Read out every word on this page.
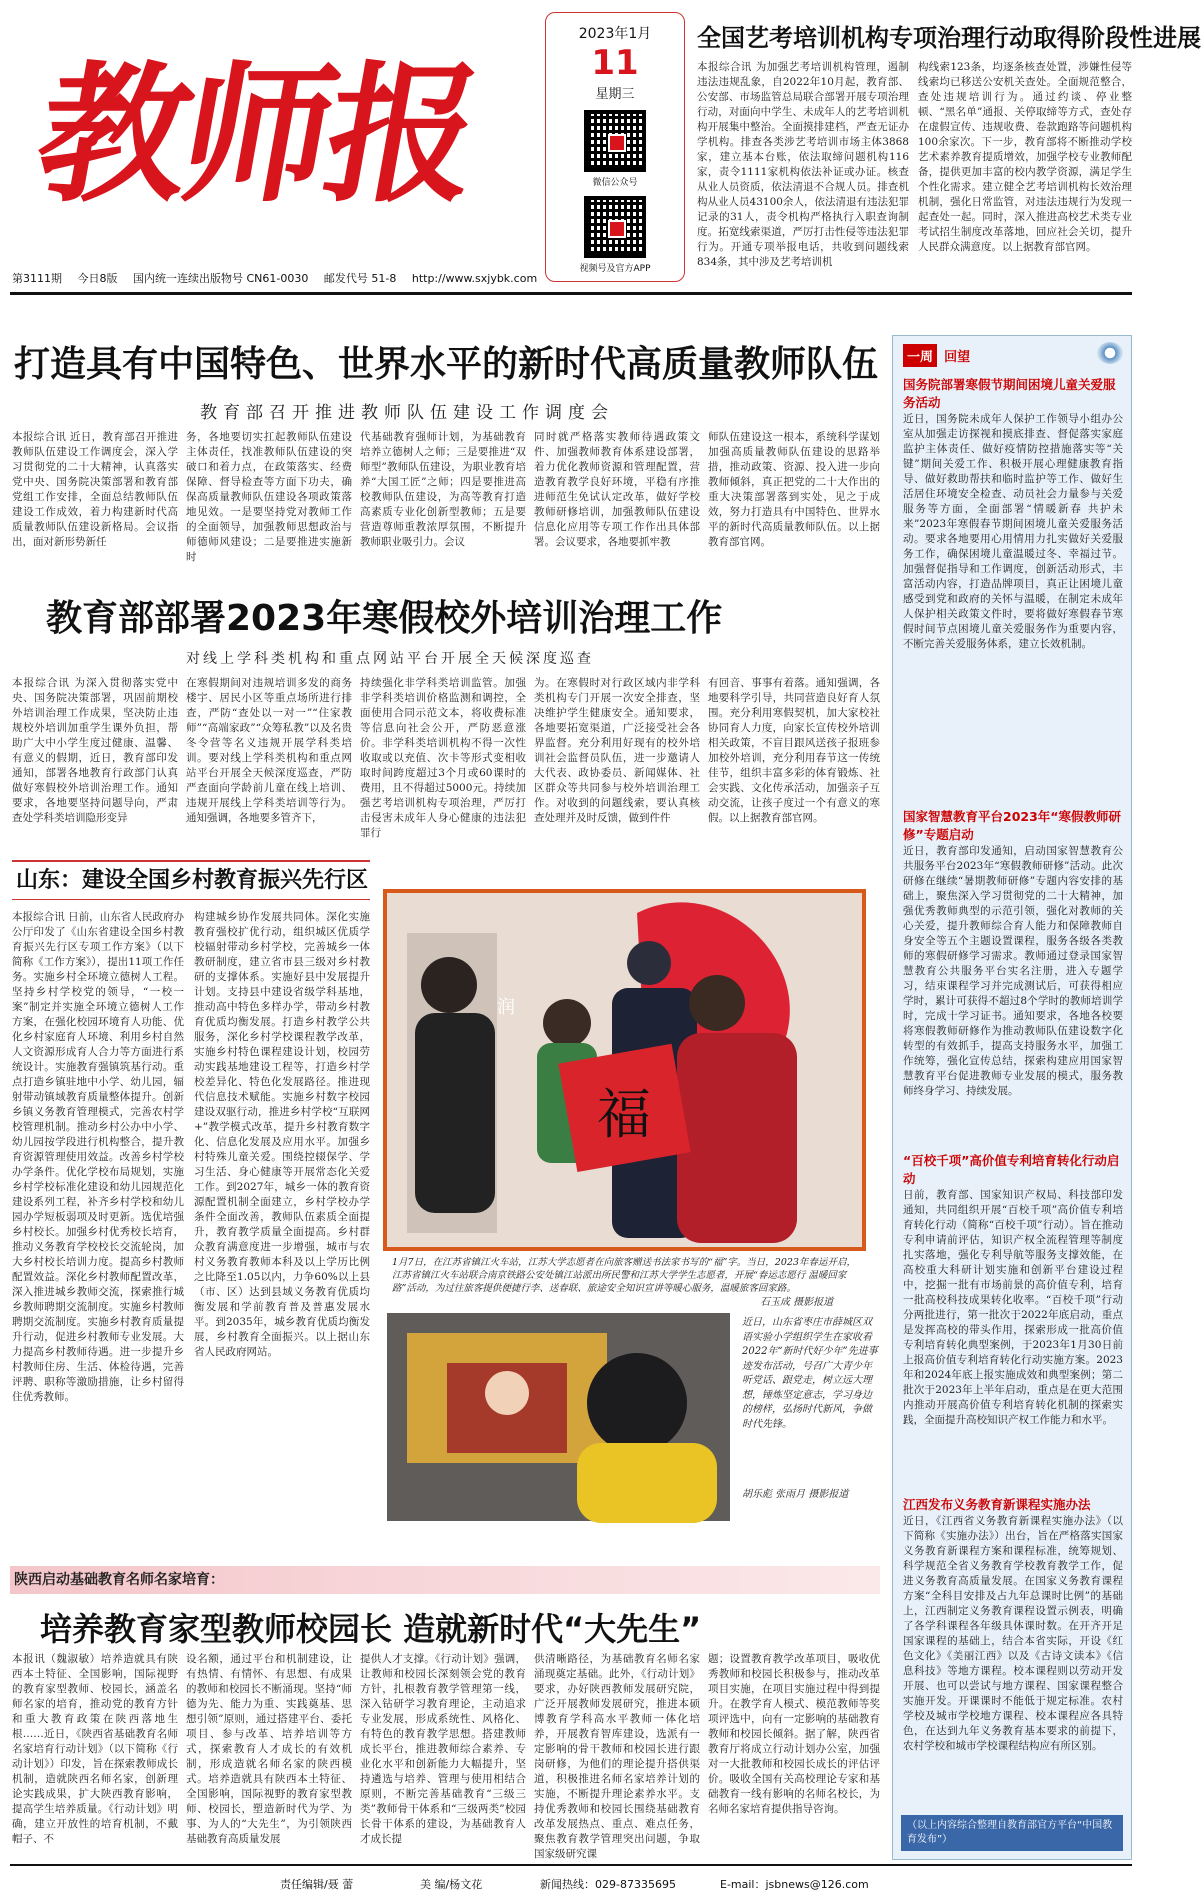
教师报
2023年1月
11
星期三
微信公众号
视频号及官方APP
第3111期 今日8版 国内统一连续出版物号 CN61-0030 邮发代号 51-8 http://www.sxjybk.com
全国艺考培训机构专项治理行动取得阶段性进展
本报综合讯 为加强艺考培训机构管理，遏制违法违规乱象，自2022年10月起，教育部、公安部、市场监管总局联合部署开展专项治理行动，对面向中学生、未成年人的艺考培训机构开展集中整治。全面摸排建档，严查无证办学机构。排查各类涉艺考培训市场主体3868家，建立基本台账，依法取缔问题机构116家，责令1111家机构依法补证或办证。核查从业人员资质，依法清退不合规人员。排查机构从业人员43100余人，依法清退有违法犯罪记录的31人，责令机构严格执行入职查询制度。拓宽线索渠道，严厉打击性侵等违法犯罪行为。开通专项举报电话，共收到问题线索834条，其中涉及艺考培训机
构线索123条，均逐条核查处置，涉嫌性侵等线索均已移送公安机关查处。全面规范整合，查处违规培训行为。通过约谈、停业整顿、“黑名单”通报、关停取缔等方式，查处存在虚假宣传、违规收费、卷款跑路等问题机构100余家次。下一步，教育部将不断推动学校艺术素养教育提质增效，加强学校专业教师配备，提供更加丰富的校内教学资源，满足学生个性化需求。建立健全艺考培训机构长效治理机制，强化日常监管，对违法违规行为发现一起查处一起。同时，深入推进高校艺术类专业考试招生制度改革落地，回应社会关切，提升人民群众满意度。以上据教育部官网。
打造具有中国特色、世界水平的新时代高质量教师队伍
教育部召开推进教师队伍建设工作调度会
本报综合讯 近日，教育部召开推进教师队伍建设工作调度会，深入学习贯彻党的二十大精神，认真落实党中央、国务院决策部署和教育部党组工作安排，全面总结教师队伍建设工作成效，着力构建新时代高质量教师队伍建设新格局。会议指出，面对新形势新任
务，各地要切实扛起教师队伍建设主体责任，找准教师队伍建设的突破口和着力点，在政策落实、经费保障、督导检查等方面下功夫，确保高质量教师队伍建设各项政策落地见效。一是要坚持党对教师工作的全面领导，加强教师思想政治与师德师风建设；二是要推进实施新时
代基础教育强师计划，为基础教育培养立德树人之师；三是要推进“双师型”教师队伍建设，为职业教育培养“大国工匠”之师；四是要推进高校教师队伍建设，为高等教育打造高素质专业化创新型教师；五是要营造尊师重教浓厚氛围，不断提升教师职业吸引力。会议
同时就严格落实教师待遇政策文件、加强教师教育体系建设部署，着力优化教师资源和管理配置，营造教育教学良好环境，平稳有序推进师范生免试认定改革，做好学校教师研修培训，加强教师队伍建设信息化应用等专项工作作出具体部署。会议要求，各地要抓牢教
师队伍建设这一根本，系统科学谋划加强高质量教师队伍建设的思路举措，推动政策、资源、投入进一步向教师倾斜，真正把党的二十大作出的重大决策部署落到实处，见之于成效，努力打造具有中国特色、世界水平的新时代高质量教师队伍。以上据教育部官网。
教育部部署2023年寒假校外培训治理工作
对线上学科类机构和重点网站平台开展全天候深度巡查
本报综合讯 为深入贯彻落实党中央、国务院决策部署，巩固前期校外培训治理工作成果，坚决防止违规校外培训加重学生课外负担，帮助广大中小学生度过健康、温馨、有意义的假期，近日，教育部印发通知，部署各地教育行政部门认真做好寒假校外培训治理工作。通知要求，各地要坚持问题导向，严肃查处学科类培训隐形变异
在寒假期间对违规培训多发的商务楼宇、居民小区等重点场所进行排查，严防“查处以一对一”“住家教师”“高端家政”“众筹私教”以及名贵冬令营等名义违规开展学科类培训。要对线上学科类机构和重点网站平台开展全天候深度巡查，严防严查面向学龄前儿童在线上培训、违规开展线上学科类培训等行为。通知强调，各地要多管齐下，
持续强化非学科类培训监管。加强非学科类培训价格监测和调控，全面使用合同示范文本，将收费标准等信息向社会公开，严防恶意涨价。非学科类培训机构不得一次性收取或以充值、次卡等形式变相收取时间跨度超过3个月或60课时的费用，且不得超过5000元。持续加强艺考培训机构专项治理，严厉打击侵害未成年人身心健康的违法犯罪行
为。在寒假时对行政区域内非学科类机构专门开展一次安全排查，坚决维护学生健康安全。通知要求，各地要拓宽渠道，广泛接受社会各界监督。充分利用好现有的校外培训社会监督员队伍，进一步邀请人大代表、政协委员、新闻媒体、社区群众等共同参与校外培训治理工作。对收到的问题线索，要认真核查处理并及时反馈，做到件件
有回音、事事有着落。通知强调，各地要科学引导，共同营造良好育人氛围。充分利用寒假契机，加大家校社协同育人力度，向家长宣传校外培训相关政策，不盲目跟风送孩子报班参加校外培训，充分利用春节这一传统佳节，组织丰富多彩的体育锻炼、社会实践、文化传承活动，加强亲子互动交流，让孩子度过一个有意义的寒假。以上据教育部官网。
山东：建设全国乡村教育振兴先行区
本报综合讯 日前，山东省人民政府办公厅印发了《山东省建设全国乡村教育振兴先行区专项工作方案》（以下简称《工作方案》），提出11项工作任务。实施乡村全环境立德树人工程。坚持乡村学校党的领导，“一校一案”制定并实施全环境立德树人工作方案，在强化校园环境育人功能、优化乡村家庭育人环境、利用乡村自然人文资源形成育人合力等方面进行系统设计。实施教育强镇筑基行动。重点打造乡镇驻地中小学、幼儿园，辐射带动镇域教育质量整体提升。创新乡镇义务教育管理模式，完善农村学校管理机制。推动乡村公办中小学、幼儿园按学段进行机构整合，提升教育资源管理使用效益。改善乡村学校办学条件。优化学校布局规划，实施乡村学校标准化建设和幼儿园规范化建设系列工程，补齐乡村学校和幼儿园办学短板弱项及时更新。选优培强乡村校长。加强乡村优秀校长培育，推动义务教育学校校长交流轮岗，加大乡村校长培训力度。提高乡村教师配置效益。深化乡村教师配置改革，深入推进城乡教师交流，探索推行城乡教师聘期交流制度。实施乡村教师聘期交流制度。实施乡村教育质量提升行动，促进乡村教师专业发展。大力提高乡村教师待遇。进一步提升乡村教师住房、生活、体检待遇，完善评聘、职称等激励措施，让乡村留得住优秀教师。
构建城乡协作发展共同体。深化实施教育强校扩优行动，组织城区优质学校辐射带动乡村学校，完善城乡一体教研制度，建立省市县三级对乡村教研的支撑体系。实施好县中发展提升计划。支持县中建设省级学科基地，推动高中特色多样办学，带动乡村教育优质均衡发展。打造乡村教学公共服务，深化乡村学校课程教学改革，实施乡村特色课程建设计划，校园劳动实践基地建设工程等，打造乡村学校差异化、特色化发展路径。推进现代信息技术赋能。实施乡村数字校园建设双驱行动，推进乡村学校“互联网+”教学模式改革，提升乡村教育数字化、信息化发展及应用水平。加强乡村特殊儿童关爱。围绕控辍保学、学习生活、身心健康等开展常态化关爱工作。到2027年，城乡一体的教育资源配置机制全面建立，乡村学校办学条件全面改善，教师队伍素质全面提升，教育教学质量全面提高。乡村群众教育满意度进一步增强，城市与农村义务教育教师本科及以上学历比例之比降至1.05以内，力争60%以上县（市、区）达到县域义务教育优质均衡发展和学前教育普及普惠发展水平。到2035年，城乡教育优质均衡发展，乡村教育全面振兴。以上据山东省人民政府网站。
福
润
1月7日，在江苏省镇江火车站，江苏大学志愿者在向旅客赠送书法家书写的“福”字。当日，2023年春运开启，江苏省镇江火车站联合南京铁路公安处镇江站派出所民警和江苏大学学生志愿者，开展“春运志愿行 温暖回家路”活动，为过往旅客提供便捷行李、送春联、旅途安全知识宣讲等暖心服务，温暖旅客回家路。
石玉成 摄影报道
近日，山东省枣庄市薛城区双语实验小学组织学生在家收看2022年“新时代好少年”先进事迹发布活动，号召广大青少年听党话、跟党走，树立远大理想，锤炼坚定意志，学习身边的榜样，弘扬时代新风，争做时代先锋。
胡乐彪 张雨月 摄影报道
陕西启动基础教育名师名家培育：
培养教育家型教师校园长 造就新时代“大先生”
本报讯（魏淑敏）培养造就具有陕西本土特征、全国影响，国际视野的教育家型教师、校园长，涵盖名师名家的培育，推动党的教育方针和重大教育政策在陕西落地生根……近日，《陕西省基础教育名师名家培育行动计划》（以下简称《行动计划》）印发，旨在探索教师成长机制，造就陕西名师名家，创新理论实践成果，扩大陕西教育影响，提高学生培养质量。《行动计划》明确，建立开放性的培育机制，不戴帽子、不
设名额，通过平台和机制建设，让有热情、有情怀、有思想、有成果的教师和校园长不断涌现。坚持“师德为先、能力为重、实践奠基、思想引领”原则，通过搭建平台、委托项目、参与改革、培养培训等方式，探索教育人才成长的有效机制，形成造就名师名家的陕西模式。培养造就具有陕西本土特征、全国影响，国际视野的教育家型教师、校园长，塑造新时代为学、为事、为人的“大先生”，为引领陕西基础教育高质量发展
提供人才支撑。《行动计划》强调，让教师和校园长深刻领会党的教育方针，扎根教育教学管理第一线，深入钻研学习教育理论，主动追求专业发展，形成系统性、风格化、有特色的教育教学思想。搭建教师成长平台，推进教师综合素养、专业化水平和创新能力大幅提升，坚持遴选与培养、管理与使用相结合原则，不断完善基础教育“三级三类”教师骨干体系和“三级两类”校园长骨干体系的建设，为基础教育人才成长提
供清晰路径，为基础教育名师名家涌现奠定基础。此外，《行动计划》要求，办好陕西教师发展研究院，广泛开展教师发展研究，推进本硕博教育学科高水平教师一体化培养，开展教育智库建设，选派有一定影响的骨干教师和校园长进行跟岗研修，为他们的理论提升搭供渠道，积极推进名师名家培养计划的实施，不断提升理论素养水平。支持优秀教师和校园长围绕基础教育改革发展热点、重点、难点任务，聚焦教育教学管理突出问题，争取国家级研究课
题；设置教育教学改革项目，吸收优秀教师和校园长积极参与，推动改革项目实施，在项目实施过程中得到提升。在教学育人模式、模范教师等奖项评选中，向有一定影响的基础教育教师和校园长倾斜。据了解，陕西省教育厅将成立行动计划办公室，加强对一大批教师和校园长成长的评估评价。吸收全国有关高校理论专家和基础教育一线有影响的名师名校长，为名师名家培育提供指导咨询。
一周 回望
国务院部署寒假节期间困境儿童关爱服务活动
近日，国务院未成年人保护工作领导小组办公室从加强走访探视和摸底排查、督促落实家庭监护主体责任、做好疫情防控措施落实等“关键”期间关爱工作、积极开展心理健康教育指导、做好救助帮扶和临时监护等工作、做好生活居住环境安全检查、动员社会力量参与关爱服务等方面，全面部署“情暖新春 共护未来”2023年寒假春节期间困境儿童关爱服务活动。要求各地要用心用情用力扎实做好关爱服务工作，确保困境儿童温暖过冬、幸福过节。加强督促指导和工作调度，创新活动形式，丰富活动内容，打造品牌项目，真正让困境儿童感受到党和政府的关怀与温暖，在制定未成年人保护相关政策文件时，要将做好寒假春节寒假时间节点困境儿童关爱服务作为重要内容，不断完善关爱服务体系，建立长效机制。
国家智慧教育平台2023年“寒假教师研修”专题启动
近日，教育部印发通知，启动国家智慧教育公共服务平台2023年“寒假教师研修”活动。此次研修在继续“暑期教师研修”专题内容安排的基础上，聚焦深入学习贯彻党的二十大精神，加强优秀教师典型的示范引领，强化对教师的关心关爱，提升教师综合育人能力和保障教师自身安全等五个主题设置课程，服务各级各类教师的寒假研修学习需求。教师通过登录国家智慧教育公共服务平台实名注册，进入专题学习，结束课程学习并完成测试后，可获得相应学时，累计可获得不超过8个学时的教师培训学时，完成十学习证书。通知要求，各地各校要将寒假教师研修作为推动教师队伍建设数字化转型的有效抓手，提高支持服务水平，加强工作统筹，强化宣传总结，探索构建应用国家智慧教育平台促进教师专业发展的模式，服务教师终身学习、持续发展。
“百校千项”高价值专利培育转化行动启动
日前，教育部、国家知识产权局、科技部印发通知，共同组织开展“百校千项”高价值专利培育转化行动（简称“百校千项”行动）。旨在推动专利申请前评估，知识产权全流程管理等制度扎实落地，强化专利导航等服务支撑效能，在高校重大科研计划实施和创新平台建设过程中，挖掘一批有市场前景的高价值专利，培育一批高校科技成果转化收率。“百校千项”行动分两批进行，第一批次于2022年底启动，重点是发挥高校的带头作用，探索形成一批高价值专利培育转化典型案例，于2023年1月30日前上报高价值专利培育转化行动实施方案。2023年和2024年底上报实施成效和典型案例；第二批次于2023年上半年启动，重点是在更大范围内推动开展高价值专利培育转化机制的探索实践，全面提升高校知识产权工作能力和水平。
江西发布义务教育新课程实施办法
近日，《江西省义务教育新课程实施办法》（以下简称《实施办法》）出台，旨在严格落实国家义务教育新课程方案和课程标准，统筹规划、科学规范全省义务教育学校教育教学工作，促进义务教育高质量发展。在国家义务教育课程方案“全科目安排及占九年总课时比例”的基础上，江西制定义务教育课程设置示例表，明确了各学科课程各年级具体课时数。在开齐开足国家课程的基础上，结合本省实际，开设《红色文化》《美丽江西》以及《古诗文读本》《信息科技》等地方课程。校本课程则以劳动开发开展、也可以尝试与地方课程、国家课程整合实施开发。开课课时不能低于规定标准。农村学校及城市学校地方课程、校本课程应各具特色，在达到九年义务教育基本要求的前提下，农村学校和城市学校课程结构应有所区别。
（以上内容综合整理自教育部官方平台“中国教育发布”）
责任编辑/聂 蕾	美 编/杨文花	新闻热线：029-87335695	E-mail：jsbnews@126.com
